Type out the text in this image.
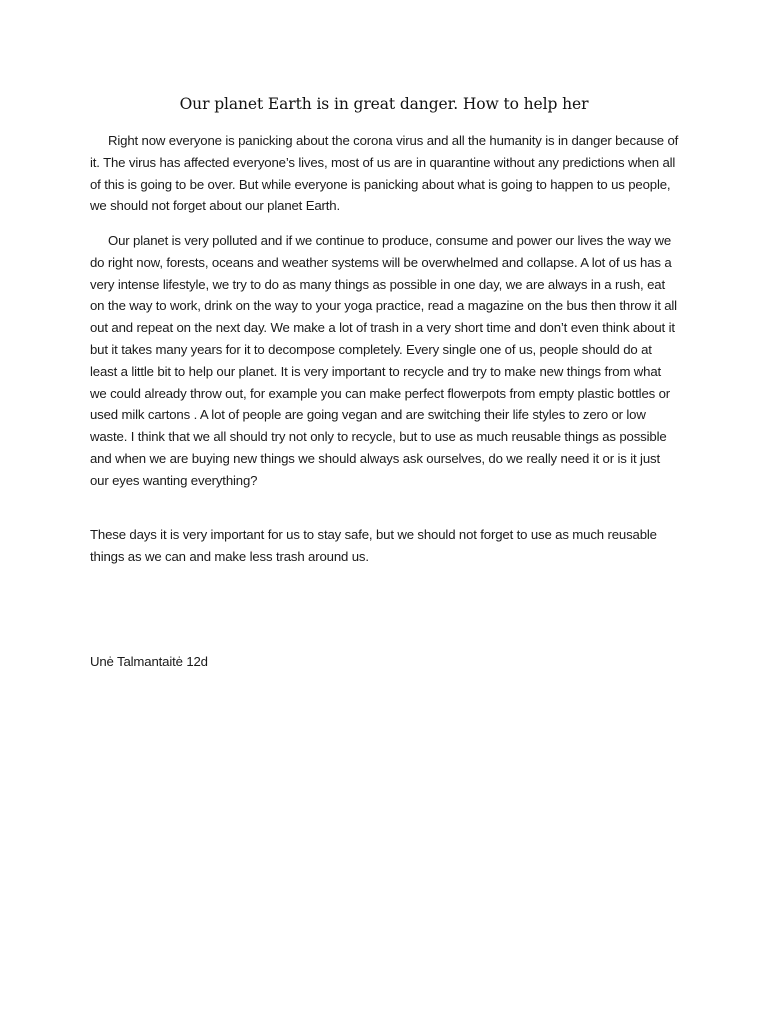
Our planet Earth is in great danger. How to help her

Right now everyone is panicking about the corona virus and all the humanity is in danger because of it. The virus has affected everyone’s lives, most of us are in quarantine without any predictions when all of this is going to be over. But while everyone is panicking about what is going to happen to us people, we should not forget about our planet Earth.

Our planet is very polluted and if we continue to produce, consume and power our lives the way we do right now, forests, oceans and weather systems will be overwhelmed and collapse. A lot of us has a very intense lifestyle, we try to do as many things as possible in one day, we are always in a rush, eat on the way to work, drink on the way to your yoga practice, read a magazine on the bus then throw it all out and repeat on the next day. We make a lot of trash in a very short time and don’t even think about it but it takes many years for it to decompose completely. Every single one of us, people should do at least a little bit to help our planet. It is very important to recycle and try to make new things from what we could already throw out, for example you can make perfect flowerpots from empty plastic bottles or used milk cartons . A lot of people are going vegan and are switching their life styles to zero or low waste. I think that we all should try not only to recycle, but to use as much reusable things as possible and when we are buying new things we should always ask ourselves, do we really need it or is it just our eyes wanting everything?

These days it is very important for us to stay safe, but we should not forget to use as much reusable things as we can and make less trash around us.

Unė Talmantaitė 12d
